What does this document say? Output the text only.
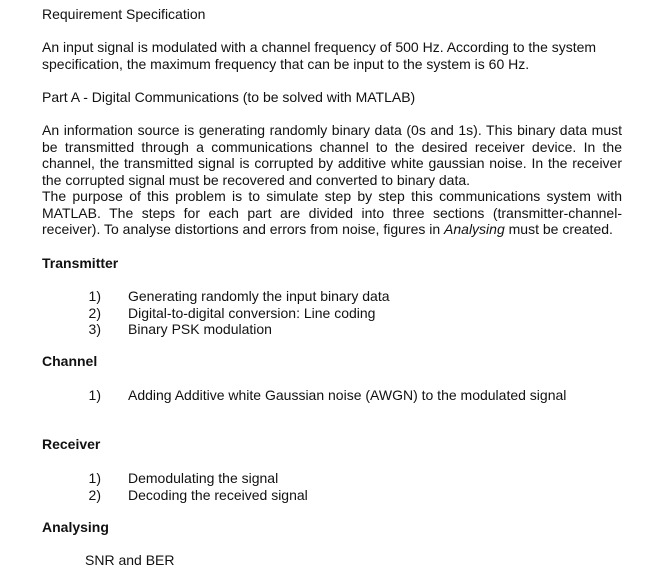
Requirement Specification
An input signal is modulated with a channel frequency of 500 Hz. According to the system specification, the maximum frequency that can be input to the system is 60 Hz.
Part A - Digital Communications (to be solved with MATLAB)
An information source is generating randomly binary data (0s and 1s). This binary data must be transmitted through a communications channel to the desired receiver device. In the channel, the transmitted signal is corrupted by additive white gaussian noise. In the receiver the corrupted signal must be recovered and converted to binary data.
The purpose of this problem is to simulate step by step this communications system with MATLAB. The steps for each part are divided into three sections (transmitter-channel-receiver). To analyse distortions and errors from noise, figures in Analysing must be created.
Transmitter
1) Generating randomly the input binary data
2) Digital-to-digital conversion: Line coding
3) Binary PSK modulation
Channel
1) Adding Additive white Gaussian noise (AWGN) to the modulated signal
Receiver
1) Demodulating the signal
2) Decoding the received signal
Analysing
SNR and BER
